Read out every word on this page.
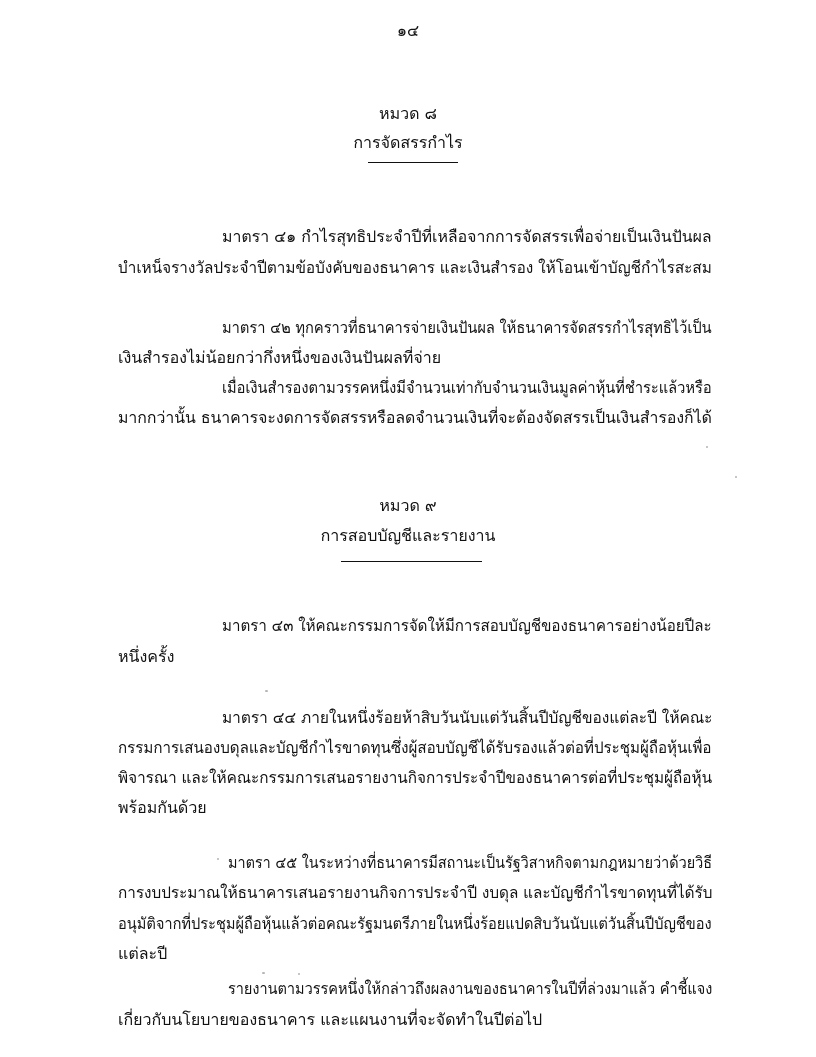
๑๔
หมวด ๘
การจัดสรรกำไร
มาตรา ๔๑ กำไรสุทธิประจำปีที่เหลือจากการจัดสรรเพื่อจ่ายเป็นเงินปันผล
บำเหน็จรางวัลประจำปีตามข้อบังคับของธนาคาร และเงินสำรอง ให้โอนเข้าบัญชีกำไรสะสม
มาตรา ๔๒ ทุกคราวที่ธนาคารจ่ายเงินปันผล ให้ธนาคารจัดสรรกำไรสุทธิไว้เป็น
เงินสำรองไม่น้อยกว่ากึ่งหนึ่งของเงินปันผลที่จ่าย
เมื่อเงินสำรองตามวรรคหนึ่งมีจำนวนเท่ากับจำนวนเงินมูลค่าหุ้นที่ชำระแล้วหรือ
มากกว่านั้น ธนาคารจะงดการจัดสรรหรือลดจำนวนเงินที่จะต้องจัดสรรเป็นเงินสำรองก็ได้
หมวด ๙
การสอบบัญชีและรายงาน
มาตรา ๔๓ ให้คณะกรรมการจัดให้มีการสอบบัญชีของธนาคารอย่างน้อยปีละ
หนึ่งครั้ง
มาตรา ๔๔ ภายในหนึ่งร้อยห้าสิบวันนับแต่วันสิ้นปีบัญชีของแต่ละปี ให้คณะ
กรรมการเสนองบดุลและบัญชีกำไรขาดทุนซึ่งผู้สอบบัญชีได้รับรองแล้วต่อที่ประชุมผู้ถือหุ้นเพื่อ
พิจารณา และให้คณะกรรมการเสนอรายงานกิจการประจำปีของธนาคารต่อที่ประชุมผู้ถือหุ้น
พร้อมกันด้วย
มาตรา ๔๕ ในระหว่างที่ธนาคารมีสถานะเป็นรัฐวิสาหกิจตามกฎหมายว่าด้วยวิธี
การงบประมาณให้ธนาคารเสนอรายงานกิจการประจำปี งบดุล และบัญชีกำไรขาดทุนที่ได้รับ
อนุมัติจากที่ประชุมผู้ถือหุ้นแล้วต่อคณะรัฐมนตรีภายในหนึ่งร้อยแปดสิบวันนับแต่วันสิ้นปีบัญชีของ
แต่ละปี
รายงานตามวรรคหนึ่งให้กล่าวถึงผลงานของธนาคารในปีที่ล่วงมาแล้ว คำชี้แจง
เกี่ยวกับนโยบายของธนาคาร และแผนงานที่จะจัดทำในปีต่อไป
